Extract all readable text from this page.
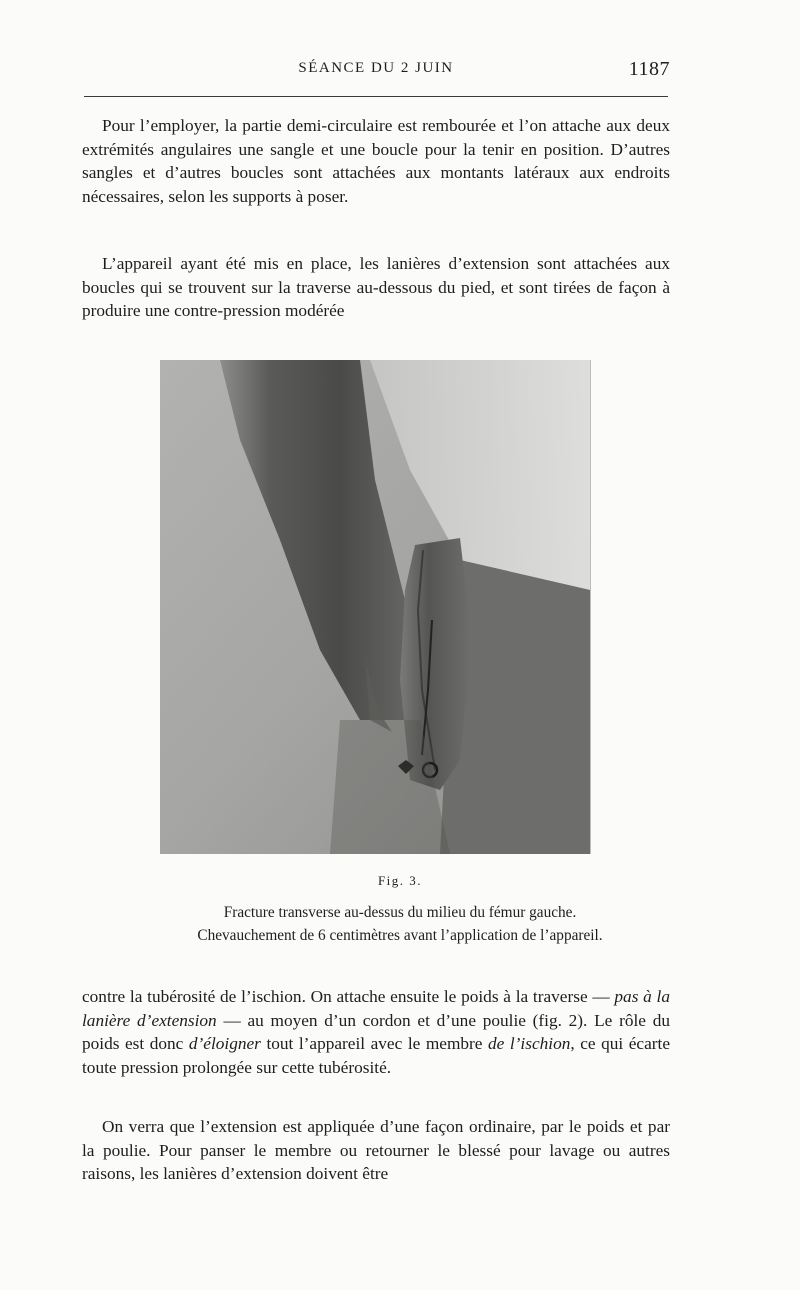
SÉANCE DU 2 JUIN	1187

Pour l’employer, la partie demi-circulaire est rembourée et l’on attache aux deux extrémités angulaires une sangle et une boucle pour la tenir en position. D’autres sangles et d’autres boucles sont attachées aux montants latéraux aux endroits nécessaires, selon les supports à poser.

L’appareil ayant été mis en place, les lanières d’extension sont attachées aux boucles qui se trouvent sur la traverse au-dessous du pied, et sont tirées de façon à produire une contre-pression modérée

Fig. 3.
Fracture transverse au-dessus du milieu du fémur gauche.
Chevauchement de 6 centimètres avant l’application de l’appareil.

contre la tubérosité de l’ischion. On attache ensuite le poids à la traverse — pas à la lanière d’extension — au moyen d’un cordon et d’une poulie (fig. 2). Le rôle du poids est donc d’éloigner tout l’appareil avec le membre de l’ischion, ce qui écarte toute pression prolongée sur cette tubérosité.

On verra que l’extension est appliquée d’une façon ordinaire, par le poids et par la poulie. Pour panser le membre ou retourner le blessé pour lavage ou autres raisons, les lanières d’extension doivent être
